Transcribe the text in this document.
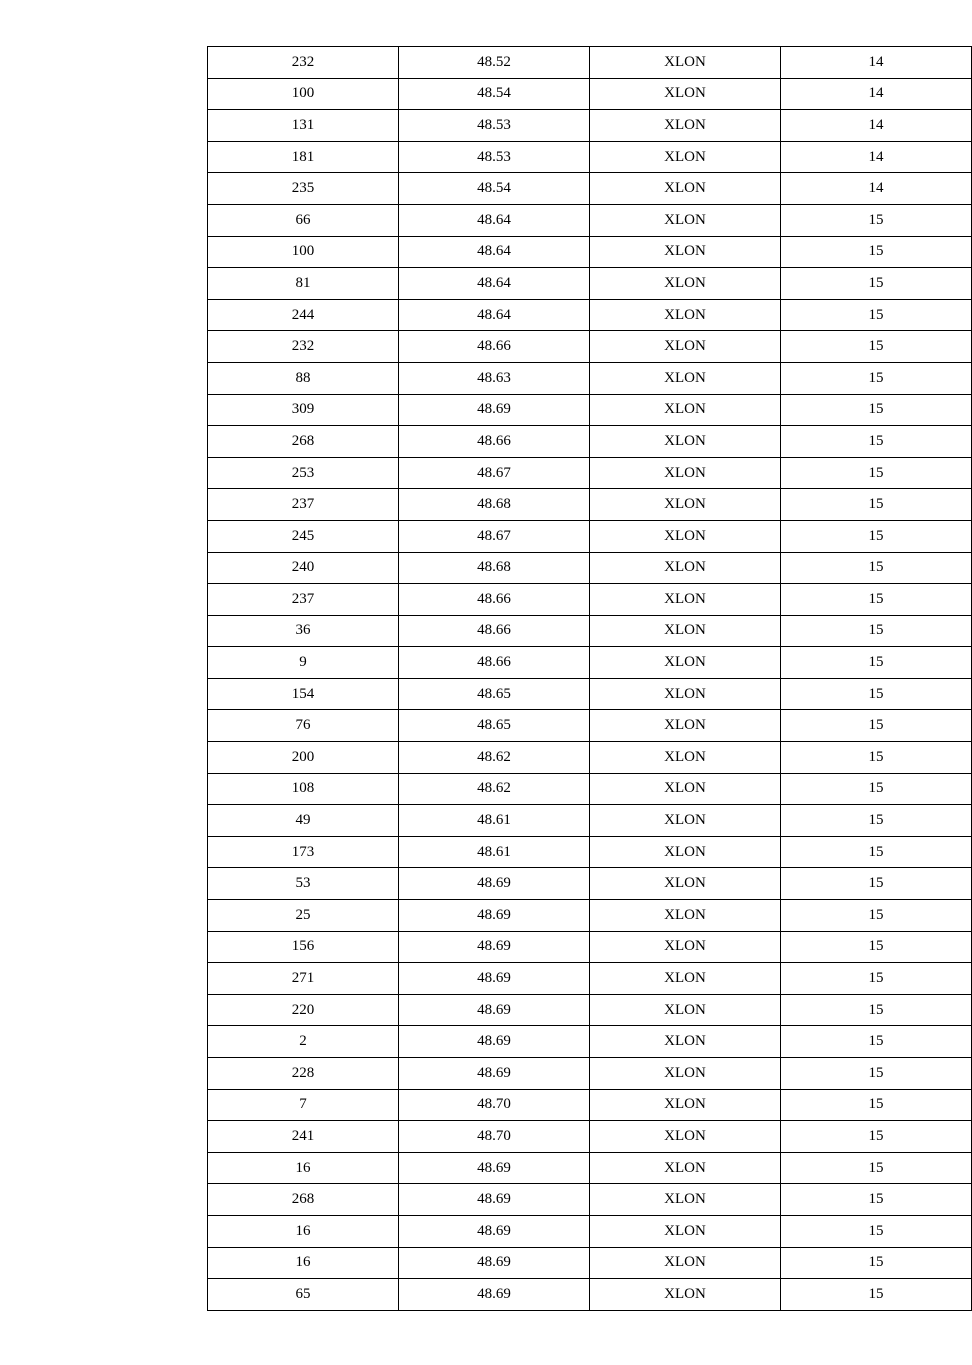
232	48.52	XLON	14
100	48.54	XLON	14
131	48.53	XLON	14
181	48.53	XLON	14
235	48.54	XLON	14
66	48.64	XLON	15
100	48.64	XLON	15
81	48.64	XLON	15
244	48.64	XLON	15
232	48.66	XLON	15
88	48.63	XLON	15
309	48.69	XLON	15
268	48.66	XLON	15
253	48.67	XLON	15
237	48.68	XLON	15
245	48.67	XLON	15
240	48.68	XLON	15
237	48.66	XLON	15
36	48.66	XLON	15
9	48.66	XLON	15
154	48.65	XLON	15
76	48.65	XLON	15
200	48.62	XLON	15
108	48.62	XLON	15
49	48.61	XLON	15
173	48.61	XLON	15
53	48.69	XLON	15
25	48.69	XLON	15
156	48.69	XLON	15
271	48.69	XLON	15
220	48.69	XLON	15
2	48.69	XLON	15
228	48.69	XLON	15
7	48.70	XLON	15
241	48.70	XLON	15
16	48.69	XLON	15
268	48.69	XLON	15
16	48.69	XLON	15
16	48.69	XLON	15
65	48.69	XLON	15
